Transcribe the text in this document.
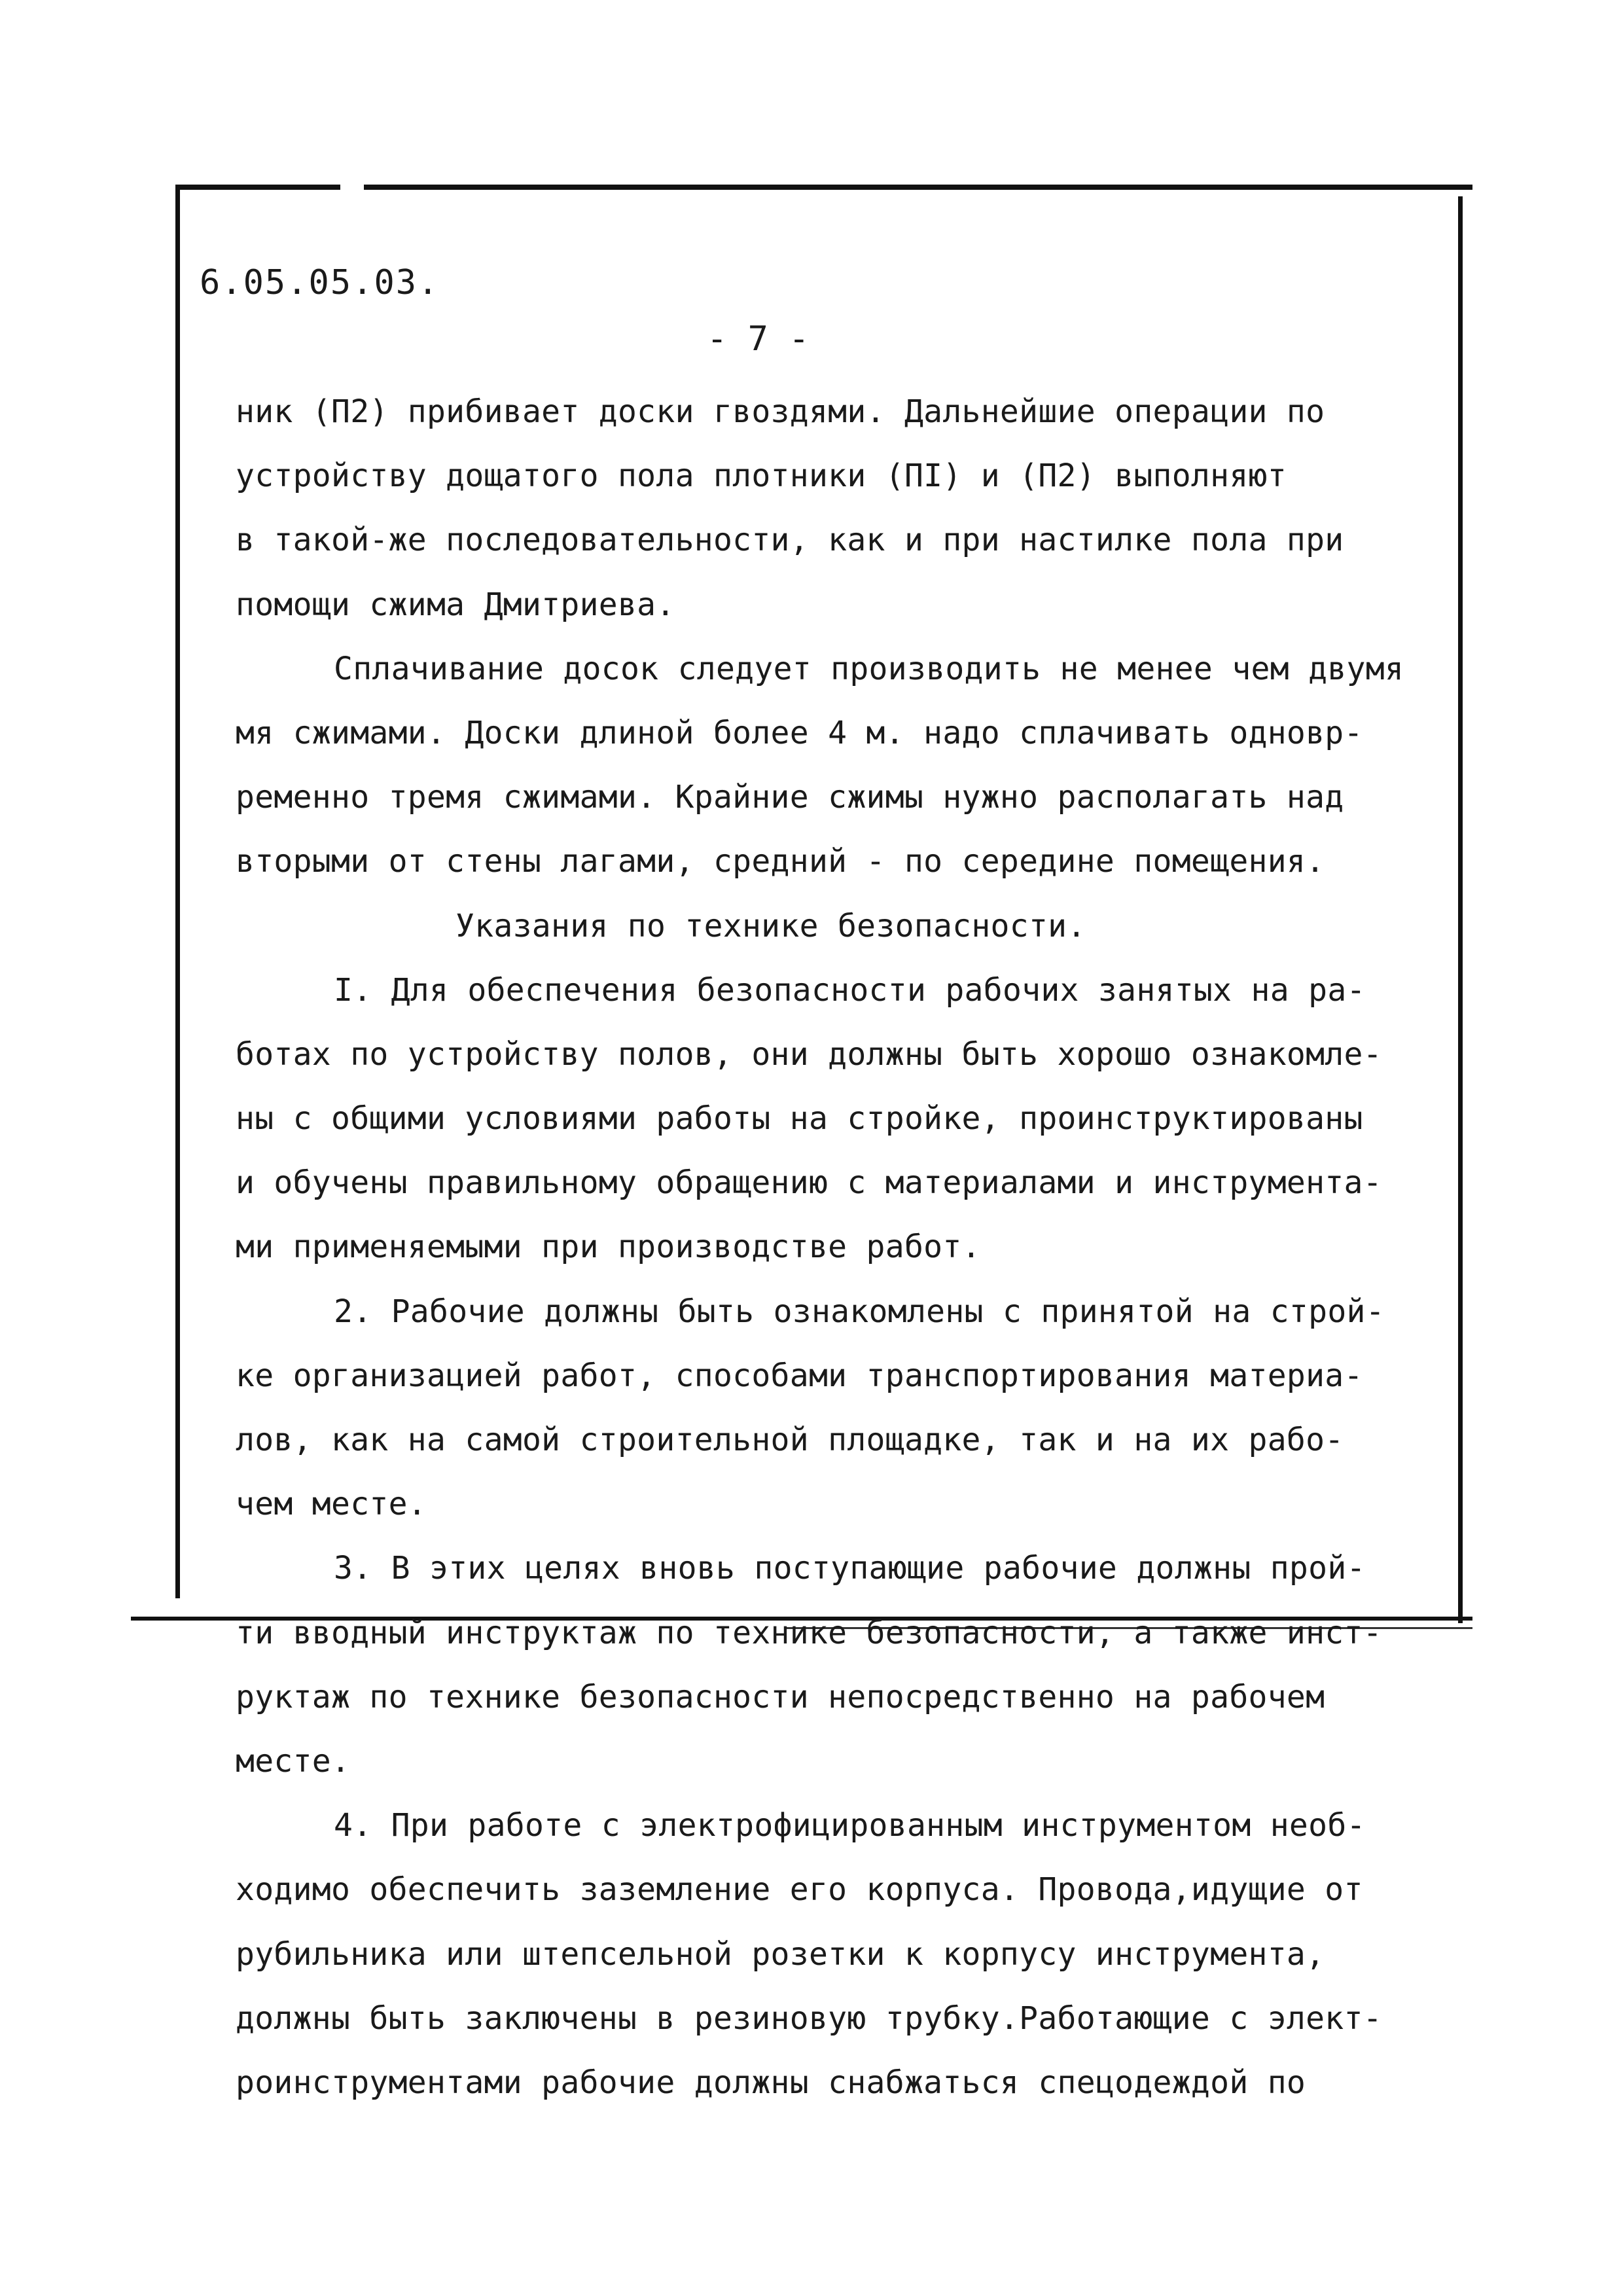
6.05.05.03.
- 7 -
ник (П2) прибивает доски гвоздями. Дальнейшие операции по
устройству дощатого пола плотники (ПI) и (П2) выполняют
в такой-же последовательности, как и при настилке пола при
помощи сжима Дмитриева.
Сплачивание досок следует производить не менее чем двумя
мя сжимами. Доски длиной более 4 м. надо сплачивать одновр-
ременно тремя сжимами. Крайние сжимы нужно располагать над
вторыми от стены лагами, средний - по середине помещения.
Указания по технике безопасности.
I. Для обеспечения безопасности рабочих занятых на ра-
ботах по устройству полов, они должны быть хорошо ознакомле-
ны с общими условиями работы на стройке, проинструктированы
и обучены правильному обращению с материалами и инструмента-
ми применяемыми при производстве работ.
2. Рабочие должны быть ознакомлены с принятой на строй-
ке организацией работ, способами транспортирования материа-
лов, как на самой строительной площадке, так и на их рабо-
чем месте.
3. В этих целях вновь поступающие рабочие должны прой-
ти вводный инструктаж по технике безопасности, а также инст-
руктаж по технике безопасности непосредственно на рабочем
месте.
4. При работе с электрофицированным инструментом необ-
ходимо обеспечить заземление его корпуса. Провода,идущие от
рубильника или штепсельной розетки к корпусу инструмента,
должны быть заключены в резиновую трубку.Работающие с элект-
роинструментами рабочие должны снабжаться спецодеждой по
